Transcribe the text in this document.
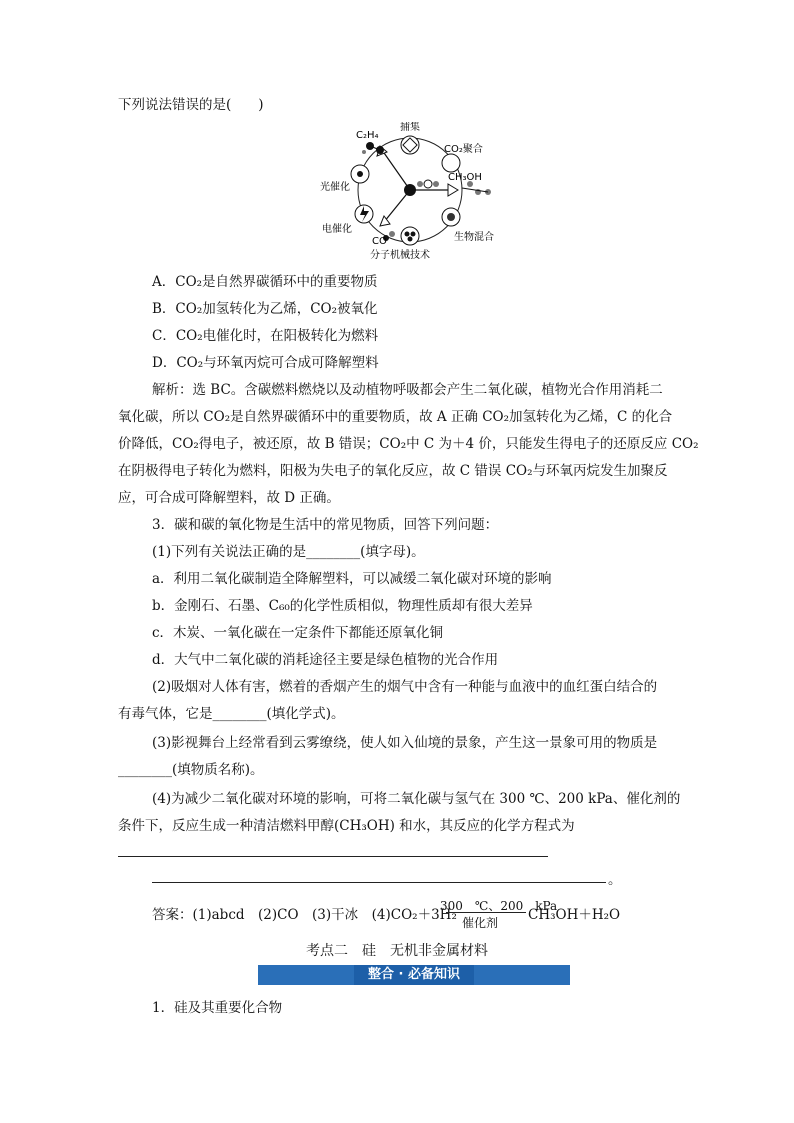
下列说法错误的是(　　)
C₂H₄
捕集
CO₂聚合
CH₃OH
光催化
电催化
CO	生物混合
分子机械技术
A．CO₂是自然界碳循环中的重要物质
B．CO₂加氢转化为乙烯，CO₂被氧化
C．CO₂电催化时，在阳极转化为燃料
D．CO₂与环氧丙烷可合成可降解塑料
解析：选 BC。含碳燃料燃烧以及动植物呼吸都会产生二氧化碳，植物光合作用消耗二
氧化碳，所以 CO₂是自然界碳循环中的重要物质，故 A 正确 CO₂加氢转化为乙烯，C 的化合
价降低，CO₂得电子，被还原，故 B 错误；CO₂中 C 为＋4 价，只能发生得电子的还原反应 CO₂
在阴极得电子转化为燃料，阳极为失电子的氧化反应，故 C 错误 CO₂与环氧丙烷发生加聚反
应，可合成可降解塑料，故 D 正确。
3．碳和碳的氧化物是生活中的常见物质，回答下列问题：
(1)下列有关说法正确的是________(填字母)。
a．利用二氧化碳制造全降解塑料，可以减缓二氧化碳对环境的影响
b．金刚石、石墨、C₆₀的化学性质相似，物理性质却有很大差异
c．木炭、一氧化碳在一定条件下都能还原氧化铜
d．大气中二氧化碳的消耗途径主要是绿色植物的光合作用
(2)吸烟对人体有害，燃着的香烟产生的烟气中含有一种能与血液中的血红蛋白结合的
有毒气体，它是________(填化学式)。
(3)影视舞台上经常看到云雾缭绕，使人如入仙境的景象，产生这一景象可用的物质是
________(填物质名称)。
(4)为减少二氧化碳对环境的影响，可将二氧化碳与氢气在 300 ℃、200 kPa、催化剂的
条件下，反应生成一种清洁燃料甲醇(CH₃OH) 和水，其反应的化学方程式为
。
答案：(1)abcd　(2)CO　(3)干冰　(4)CO₂＋3H₂
300　℃、200　kPa
催化剂 CH₃OH＋H₂O
考点二　硅　无机非金属材料
整合 · 必备知识
1．硅及其重要化合物
